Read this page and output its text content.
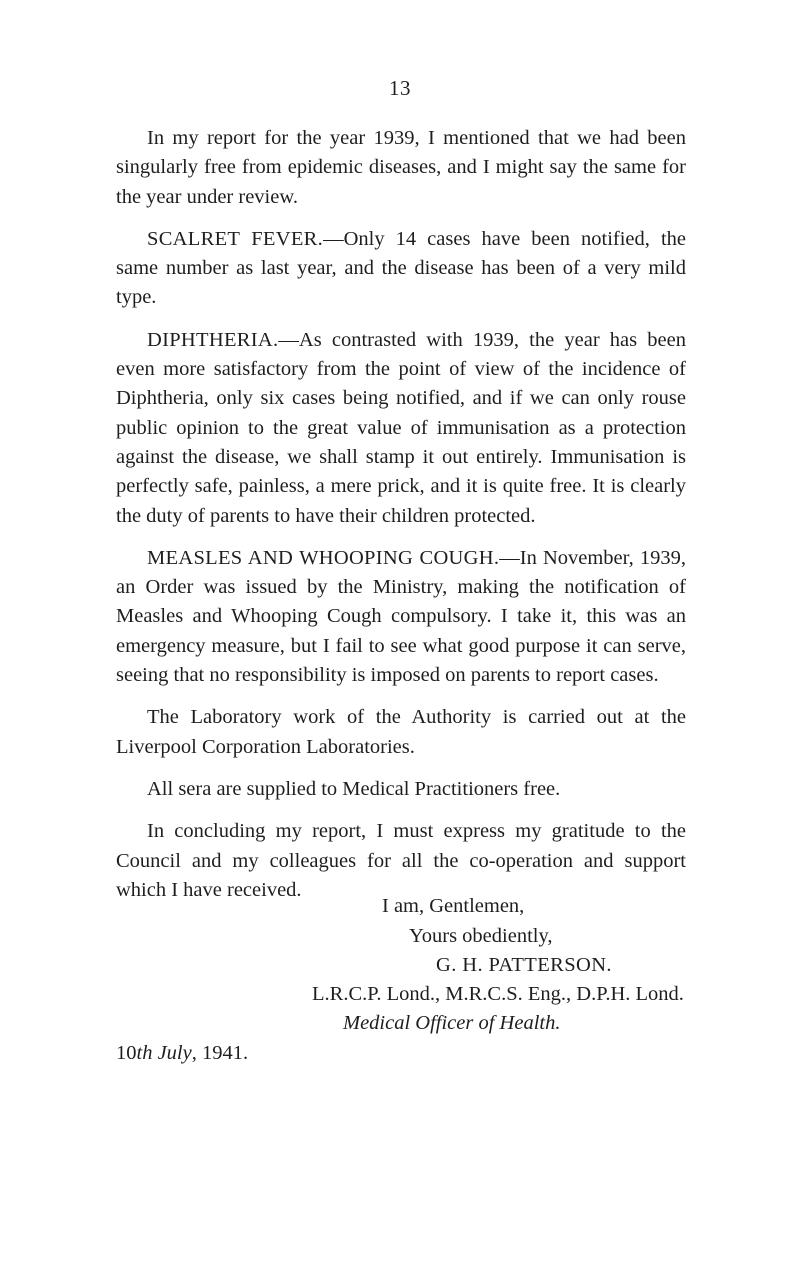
13

In my report for the year 1939, I mentioned that we had been singularly free from epidemic diseases, and I might say the same for the year under review.

SCALRET FEVER.—Only 14 cases have been notified, the same number as last year, and the disease has been of a very mild type.

DIPHTHERIA.—As contrasted with 1939, the year has been even more satisfactory from the point of view of the incidence of Diphtheria, only six cases being notified, and if we can only rouse public opinion to the great value of immunisation as a protection against the disease, we shall stamp it out entirely. Immunisation is perfectly safe, painless, a mere prick, and it is quite free. It is clearly the duty of parents to have their children protected.

MEASLES AND WHOOPING COUGH.—In November, 1939, an Order was issued by the Ministry, making the notification of Measles and Whooping Cough compulsory. I take it, this was an emergency measure, but I fail to see what good purpose it can serve, seeing that no responsibility is imposed on parents to report cases.

The Laboratory work of the Authority is carried out at the Liverpool Corporation Laboratories.

All sera are supplied to Medical Practitioners free.

In concluding my report, I must express my gratitude to the Council and my colleagues for all the co-operation and support which I have received.

I am, Gentlemen,
Yours obediently,
G. H. PATTERSON.
L.R.C.P. Lond., M.R.C.S. Eng., D.P.H. Lond.
Medical Officer of Health.
10th July, 1941.
